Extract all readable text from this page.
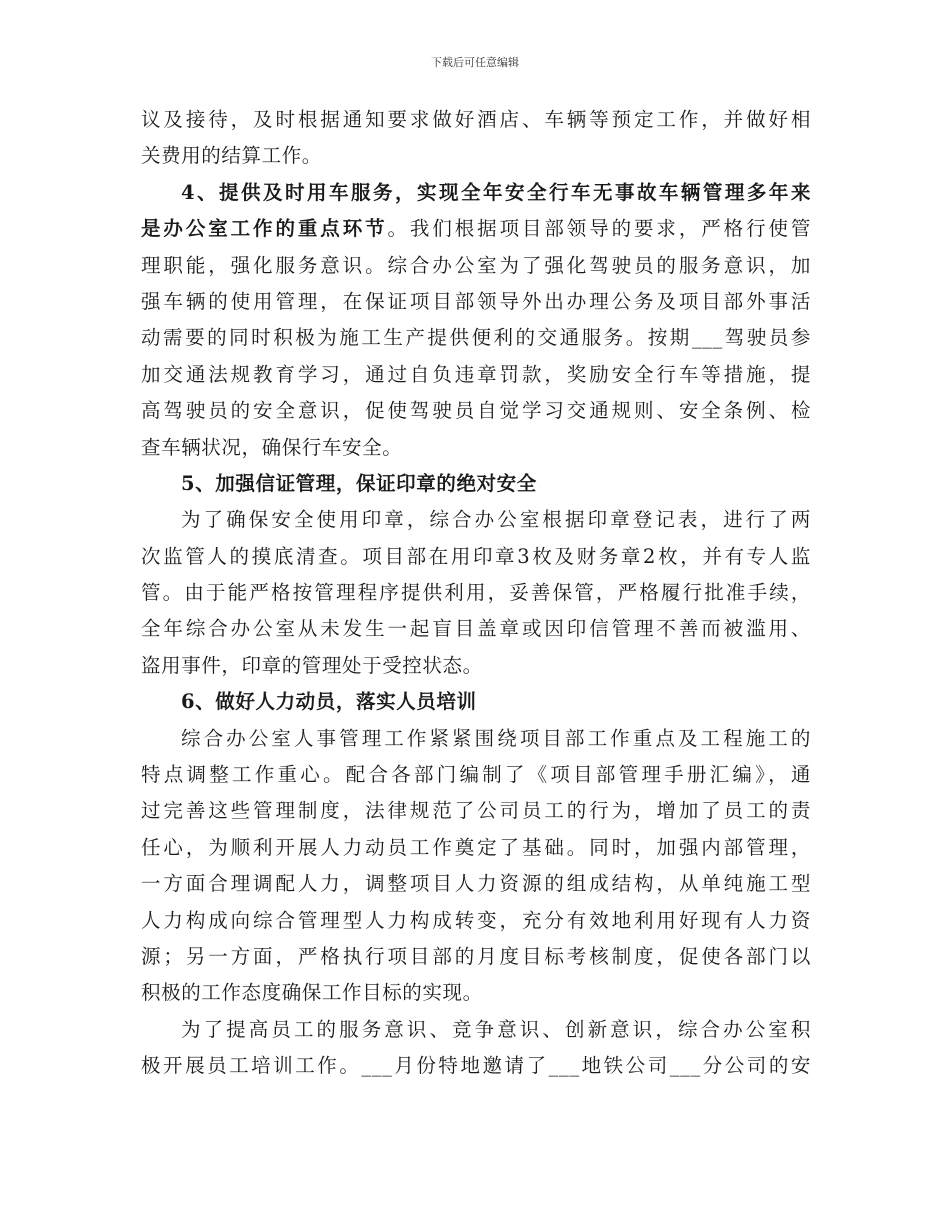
下载后可任意编辑
议及接待，及时根据通知要求做好酒店、车辆等预定工作，并做好相
关费用的结算工作。
4、提供及时用车服务，实现全年安全行车无事故车辆管理多年来
是办公室工作的重点环节。我们根据项目部领导的要求，严格行使管
理职能，强化服务意识。综合办公室为了强化驾驶员的服务意识，加
强车辆的使用管理，在保证项目部领导外出办理公务及项目部外事活
动需要的同时积极为施工生产提供便利的交通服务。按期___驾驶员参
加交通法规教育学习，通过自负违章罚款，奖励安全行车等措施，提
高驾驶员的安全意识，促使驾驶员自觉学习交通规则、安全条例、检
查车辆状况，确保行车安全。
5、加强信证管理，保证印章的绝对安全
为了确保安全使用印章，综合办公室根据印章登记表，进行了两
次监管人的摸底清查。项目部在用印章3枚及财务章2枚，并有专人监
管。由于能严格按管理程序提供利用，妥善保管，严格履行批准手续，
全年综合办公室从未发生一起盲目盖章或因印信管理不善而被滥用、
盗用事件，印章的管理处于受控状态。
6、做好人力动员，落实人员培训
综合办公室人事管理工作紧紧围绕项目部工作重点及工程施工的
特点调整工作重心。配合各部门编制了《项目部管理手册汇编》，通
过完善这些管理制度，法律规范了公司员工的行为，增加了员工的责
任心，为顺利开展人力动员工作奠定了基础。同时，加强内部管理，
一方面合理调配人力，调整项目人力资源的组成结构，从单纯施工型
人力构成向综合管理型人力构成转变，充分有效地利用好现有人力资
源；另一方面，严格执行项目部的月度目标考核制度，促使各部门以
积极的工作态度确保工作目标的实现。
为了提高员工的服务意识、竞争意识、创新意识，综合办公室积
极开展员工培训工作。___月份特地邀请了___地铁公司___分公司的安
